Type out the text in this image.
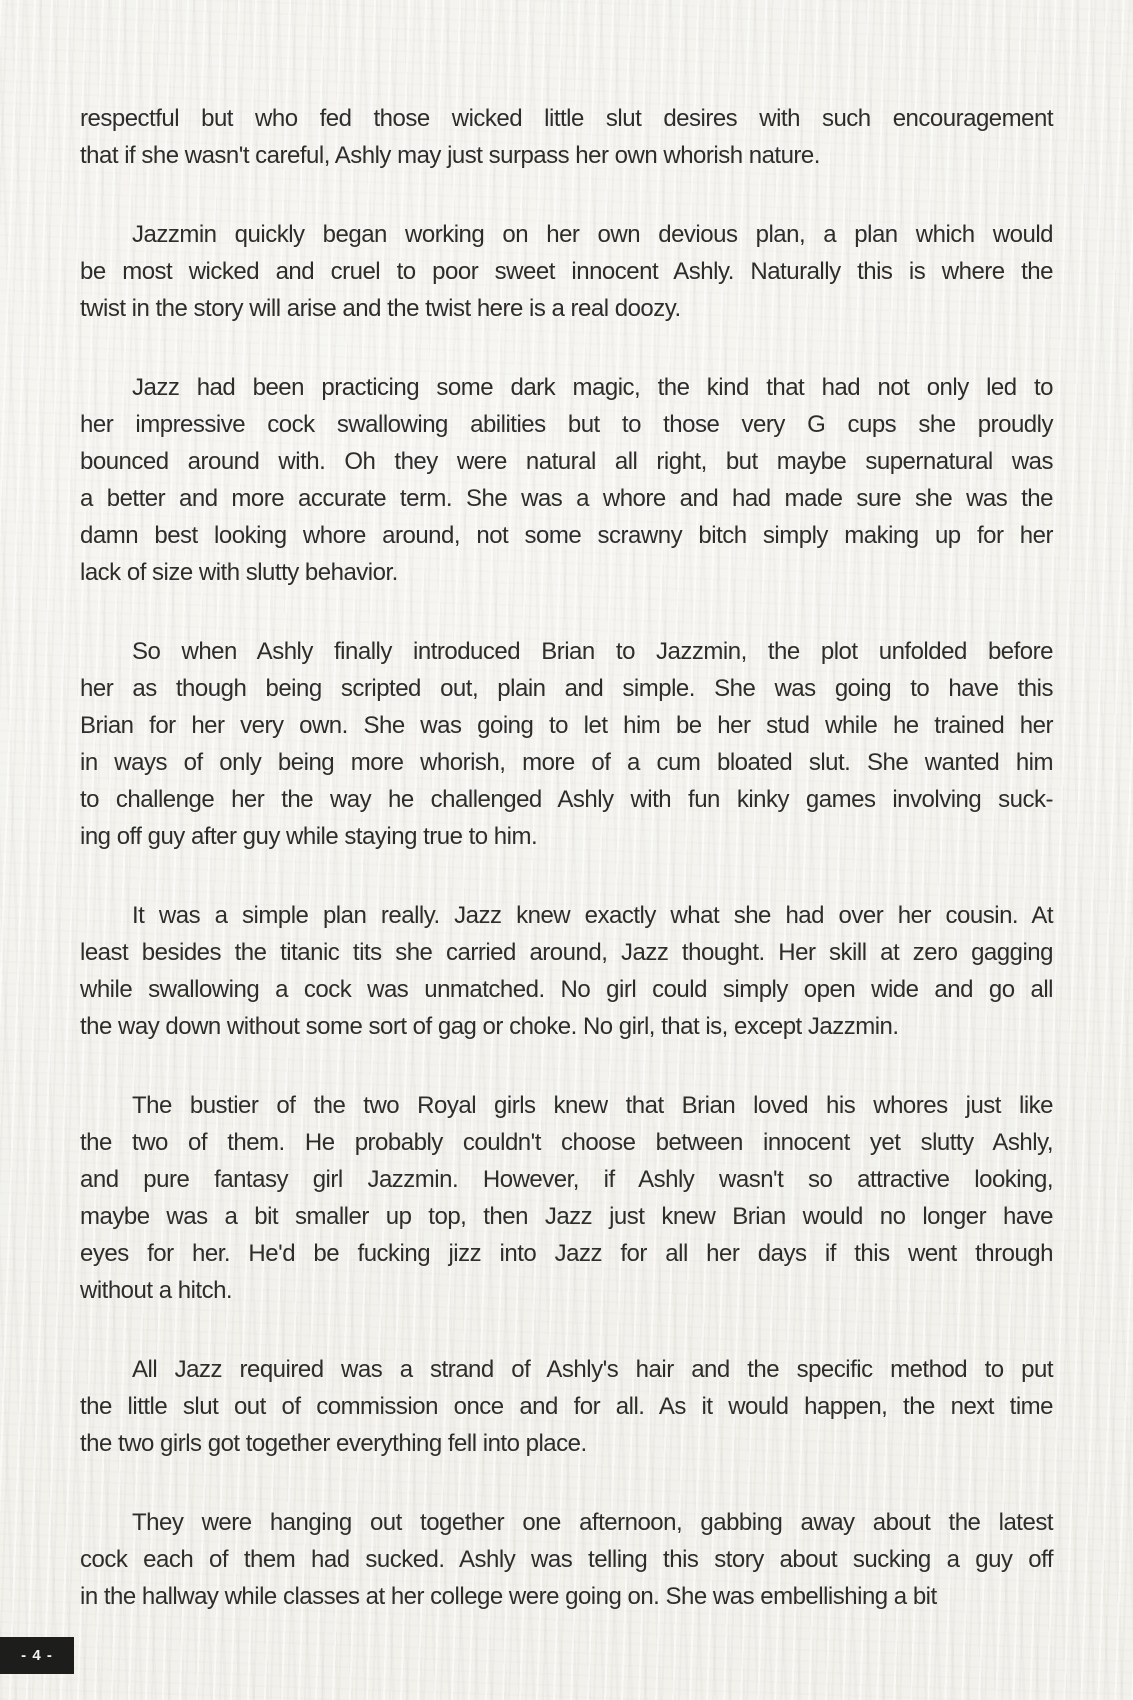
respectful but who fed those wicked little slut desires with such encouragement
that if she wasn't careful, Ashly may just surpass her own whorish nature.
Jazzmin quickly began working on her own devious plan, a plan which would
be most wicked and cruel to poor sweet innocent Ashly. Naturally this is where the
twist in the story will arise and the twist here is a real doozy.
Jazz had been practicing some dark magic, the kind that had not only led to
her impressive cock swallowing abilities but to those very G cups she proudly
bounced around with. Oh they were natural all right, but maybe supernatural was
a better and more accurate term. She was a whore and had made sure she was the
damn best looking whore around, not some scrawny bitch simply making up for her
lack of size with slutty behavior.
So when Ashly finally introduced Brian to Jazzmin, the plot unfolded before
her as though being scripted out, plain and simple. She was going to have this
Brian for her very own. She was going to let him be her stud while he trained her
in ways of only being more whorish, more of a cum bloated slut. She wanted him
to challenge her the way he challenged Ashly with fun kinky games involving suck-
ing off guy after guy while staying true to him.
It was a simple plan really. Jazz knew exactly what she had over her cousin. At
least besides the titanic tits she carried around, Jazz thought. Her skill at zero gagging
while swallowing a cock was unmatched. No girl could simply open wide and go all
the way down without some sort of gag or choke. No girl, that is, except Jazzmin.
The bustier of the two Royal girls knew that Brian loved his whores just like
the two of them. He probably couldn't choose between innocent yet slutty Ashly,
and pure fantasy girl Jazzmin. However, if Ashly wasn't so attractive looking,
maybe was a bit smaller up top, then Jazz just knew Brian would no longer have
eyes for her. He'd be fucking jizz into Jazz for all her days if this went through
without a hitch.
All Jazz required was a strand of Ashly's hair and the specific method to put
the little slut out of commission once and for all. As it would happen, the next time
the two girls got together everything fell into place.
They were hanging out together one afternoon, gabbing away about the latest
cock each of them had sucked. Ashly was telling this story about sucking a guy off
in the hallway while classes at her college were going on. She was embellishing a bit
- 4 -
